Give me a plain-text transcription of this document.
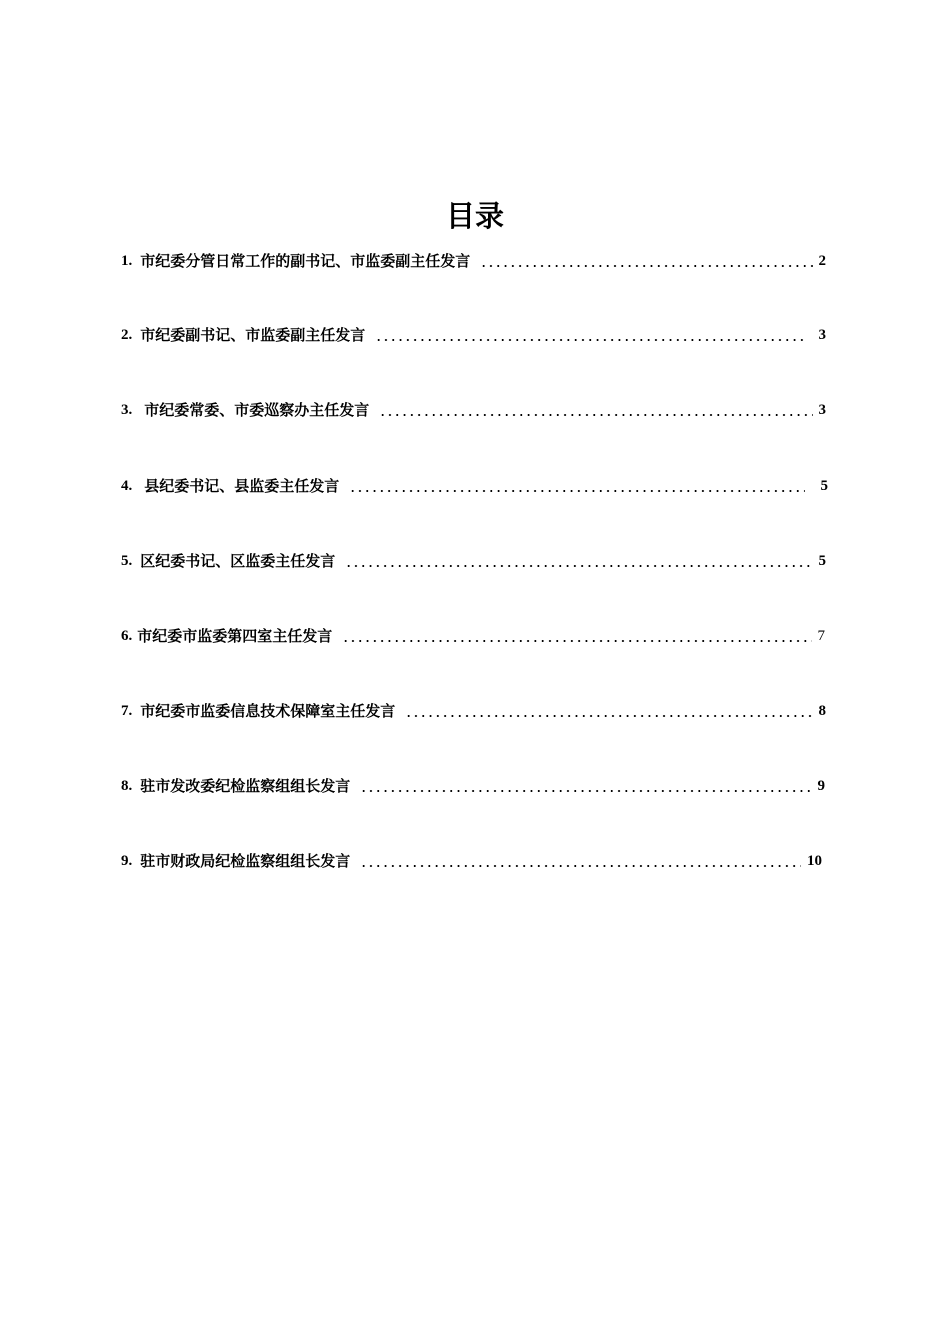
目录
1. 市纪委分管日常工作的副书记、市监委副主任发言	2
2. 市纪委副书记、市监委副主任发言	3
3. 市纪委常委、市委巡察办主任发言	3
4. 县纪委书记、县监委主任发言	5
5. 区纪委书记、区监委主任发言	5
6. 市纪委市监委第四室主任发言	7
7. 市纪委市监委信息技术保障室主任发言	8
8. 驻市发改委纪检监察组组长发言	9
9. 驻市财政局纪检监察组组长发言	10
